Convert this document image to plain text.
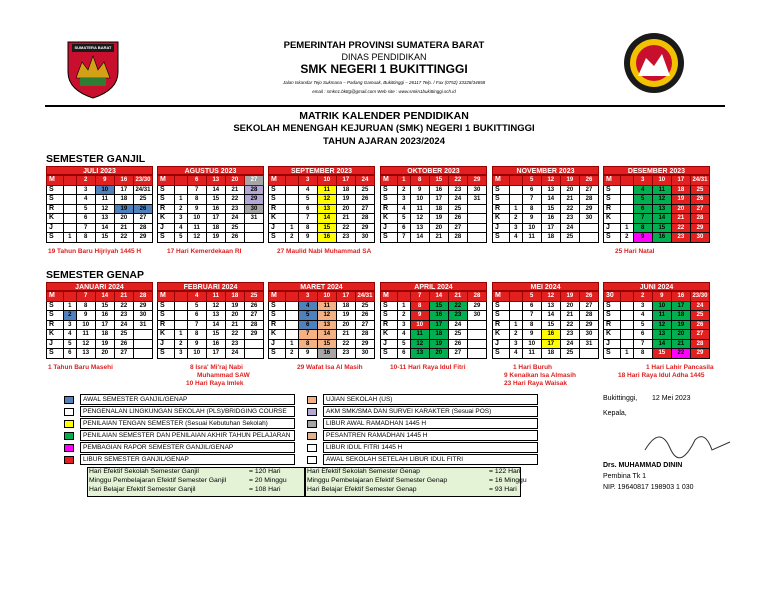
SUMATERA BARAT	PEMERINTAH PROVINSI SUMATERA BARAT
DINAS PENDIDIKAN
SMK NEGERI 1 BUKITTINGGI
Jalan Iskandar Tejo Sukmana – Padang Gamuak, Bukittinggi – 26117 Telp. / Fax (0752) 33328/34658
email : smkn1.bkttg@gmail.com Web site : www.smkn1bukittinggi.sch.id
MATRIK KALENDER PENDIDIKAN
SEKOLAH MENENGAH KEJURUAN (SMK) NEGERI 1 BUKITTINGGI
TAHUN AJARAN 2023/2024
SEMESTER GANJIL
SEMESTER GENAP
JULI 2023
M		2	9	16	23/30
S		3	10	17	24/31
S		4	11	18	25
R		5	12	19	26
K		6	13	20	27
J		7	14	21	28
S	1	8	15	22	29
AGUSTUS 2023
M		6	13	20	27
S		7	14	21	28
S	1	8	15	22	29
R	2	9	16	23	30
K	3	10	17	24	31
J	4	11	18	25	
S	5	12	19	26	
SEPTEMBER 2023
M		3	10	17	24
S		4	11	18	25
S		5	12	19	26
R		6	13	20	27
K		7	14	21	28
J	1	8	15	22	29
S	2	9	16	23	30
OKTOBER 2023
M	1	8	15	22	29
S	2	9	16	23	30
S	3	10	17	24	31
R	4	11	18	25	
K	5	12	19	26	
J	6	13	20	27	
S	7	14	21	28	
NOVEMBER 2023
M		5	12	19	26
S		6	13	20	27
S		7	14	21	28
R	1	8	15	22	29
K	2	9	16	23	30
J	3	10	17	24	
S	4	11	18	25	
DESEMBER 2023
M		3	10	17	24/31
S		4	11	18	25
S		5	12	19	26
R		6	13	20	27
K		7	14	21	28
J	1	8	15	22	29
S	2	9	16	23	30
JANUARI 2024
M		7	14	21	28
S	1	8	15	22	29
S	2	9	16	23	30
R	3	10	17	24	31
K	4	11	18	25	
J	5	12	19	26	
S	6	13	20	27	
FEBRUARI 2024
M		4	11	18	25
S		5	12	19	26
S		6	13	20	27
R		7	14	21	28
K	1	8	15	22	29
J	2	9	16	23	
S	3	10	17	24	
MARET 2024
M		3	10	17	24/31
S		4	11	18	25
S		5	12	19	26
R		6	13	20	27
K		7	14	21	28
J	1	8	15	22	29
S	2	9	16	23	30
APRIL 2024
M		7	14	21	28
S	1	8	15	22	29
S	2	9	16	23	30
R	3	10	17	24	
K	4	11	18	25	
J	5	12	19	26	
S	6	13	20	27	
MEI 2024
M		5	12	19	26
S		6	13	20	27
S		7	14	21	28
R	1	8	15	22	29
K	2	9	16	23	30
J	3	10	17	24	31
S	4	11	18	25	
JUNI 2024
30		2	9	16	23/30
S		3	10	17	24
S		4	11	18	25
R		5	12	19	26
K		6	13	20	27
J		7	14	21	28
S	1	8	15	22	29
19 Tahun Baru Hijriyah 1445 H	17 Hari Kemerdekaan RI	27 Maulid Nabi Muhammad SA	25 Hari Natal
1 Tahun Baru Masehi	8 Isra' Mi'raj Nabi
Muhammad SAW
10 Hari Raya Imlek
29 Wafat Isa Al Masih	10-11 Hari Raya Idul Fitri	1 Hari Buruh
9 Kenaikan Isa Almasih
23 Hari Raya Waisak
1 Hari Lahir Pancasila
18 Hari Raya Idul Adha 1445
AWAL SEMESTER GANJIL/GENAP
PENGENALAN LINGKUNGAN SEKOLAH (PLS)/BRIDGING COURSE
PENILAIAN TENGAN SEMESTER (Sesuai Kebutuhan Sekolah)
PENILAIAN SEMESTER DAN PENILAIAN AKHIR TAHUN PELAJARAN
PEMBAGIAN RAPOR SEMESTER GANJIL/GENAP
LIBUR SEMESTER GANJIL/GENAP
UJIAN SEKOLAH (US)
AKM SMK/SMA DAN SURVEI KARAKTER (Sesuai POS)
LIBUR AWAL RAMADHAN 1445 H
PESANTREN RAMADHAN 1445 H
LIBUR IDUL FITRI 1445 H
AWAL SEKOLAH SETELAH LIBUR IDUL FITRI
Hari Efektif Sekolah Semester Ganjil	= 120 Hari
Minggu Pembelajaran Efektif Semester Ganjil	= 20 Minggu
Hari Belajar Efektif Semester Ganjil	= 108 Hari
Hari Efektif Sekolah Semester Genap	= 122 Hari
Minggu Pembelajaran Efektif Semester Genap	= 16 Minggu
Hari Belajar Efektif Semester Genap	= 93 Hari
Bukittinggi, 12 Mei 2023
Kepala,
Drs. MUHAMMAD DININ
Pembina Tk 1
NIP. 19640817 198903 1 030
